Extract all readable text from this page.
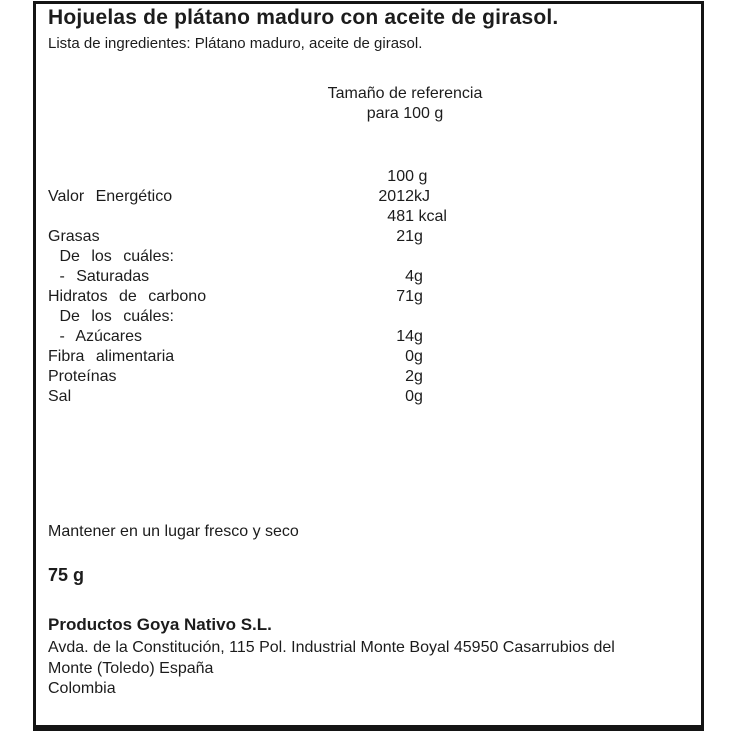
Hojuelas de plátano maduro con aceite de girasol.

Lista de ingredientes: Plátano maduro, aceite de girasol.

Tamaño de referencia
para 100 g
100 g
Valor Energético	2012 kJ
481 kcal
Grasas	21 g
De los cuáles:
- Saturadas	4 g
Hidratos de carbono	71 g
De los cuáles:
- Azúcares	14 g
Fibra alimentaria	0 g
Proteínas	2 g
Sal	0 g

Mantener en un lugar fresco y seco

75 g

Productos Goya Nativo S.L.

Avda. de la Constitución, 115 Pol. Industrial Monte Boyal 45950 Casarrubios del
Monte (Toledo) España

Colombia
